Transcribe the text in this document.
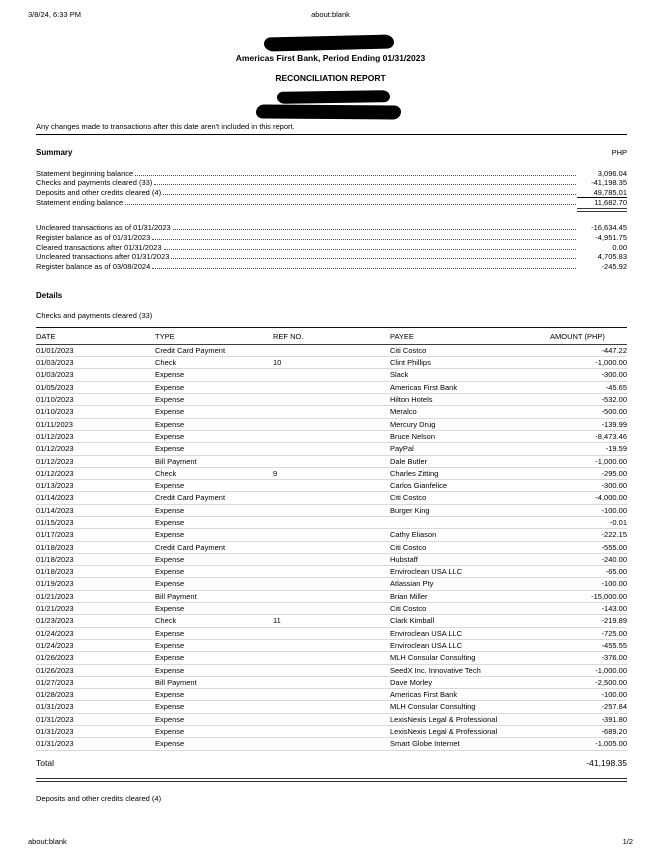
3/8/24, 6:33 PM	about:blank
Americas First Bank, Period Ending 01/31/2023
RECONCILIATION REPORT
Any changes made to transactions after this date aren't included in this report.
Summary	PHP
Statement beginning balance	3,096.04
Checks and payments cleared (33)	-41,198.35
Deposits and other credits cleared (4)	49,785.01
Statement ending balance	11,682.70
Uncleared transactions as of 01/31/2023	-16,634.45
Register balance as of 01/31/2023	-4,951.75
Cleared transactions after 01/31/2023	0.00
Uncleared transactions after 01/31/2023	4,705.83
Register balance as of 03/08/2024	-245.92
Details
Checks and payments cleared (33)
DATE	TYPE	REF NO.	PAYEE	AMOUNT (PHP)
01/01/2023	Credit Card Payment		Citi Costco	-447.22
01/03/2023	Check	10	Clint Phillips	-1,000.00
01/03/2023	Expense		Slack	-300.00
01/05/2023	Expense		Americas First Bank	-45.65
01/10/2023	Expense		Hilton Hotels	-532.00
01/10/2023	Expense		Meralco	-500.00
01/11/2023	Expense		Mercury Drug	-139.99
01/12/2023	Expense		Bruce Nelson	-8,473.46
01/12/2023	Expense		PayPal	-19.59
01/12/2023	Bill Payment		Dale Butler	-1,000.00
01/12/2023	Check	9	Charles Zitting	-295.00
01/13/2023	Expense		Carlos Gianfelice	-300.00
01/14/2023	Credit Card Payment		Citi Costco	-4,000.00
01/14/2023	Expense		Burger King	-100.00
01/15/2023	Expense			-0.01
01/17/2023	Expense		Cathy Eliason	-222.15
01/18/2023	Credit Card Payment		Citi Costco	-555.00
01/18/2023	Expense		Hubstaff	-240.00
01/18/2023	Expense		Enviroclean USA LLC	-65.00
01/19/2023	Expense		Atlassian Pty	-100.00
01/21/2023	Bill Payment		Brian Miller	-15,000.00
01/21/2023	Expense		Citi Costco	-143.00
01/23/2023	Check	11	Clark Kimball	-219.89
01/24/2023	Expense		Enviroclean USA LLC	-725.00
01/24/2023	Expense		Enviroclean USA LLC	-455.55
01/26/2023	Expense		MLH Consular Consulting	-376.00
01/26/2023	Expense		SeedX Inc. Innovative Tech	-1,000.00
01/27/2023	Bill Payment		Dave Morley	-2,500.00
01/28/2023	Expense		Americas First Bank	-100.00
01/31/2023	Expense		MLH Consular Consulting	-257.84
01/31/2023	Expense		LexisNexis Legal & Professional	-391.80
01/31/2023	Expense		LexisNexis Legal & Professional	-689.20
01/31/2023	Expense		Smart Globe Internet	-1,005.00
Total				-41,198.35
Deposits and other credits cleared (4)
about:blank	1/2
